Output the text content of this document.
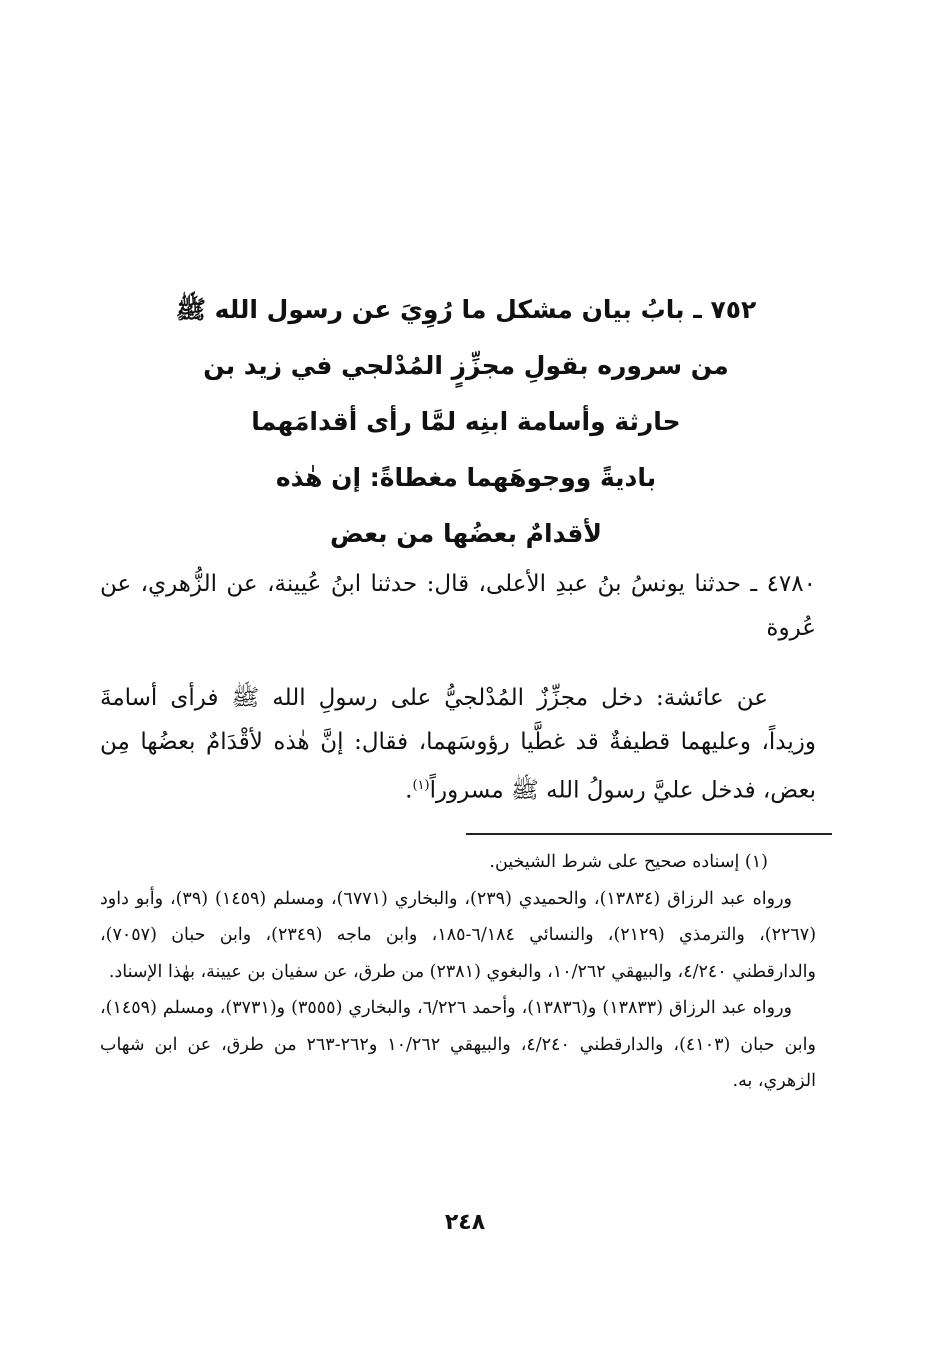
٧٥٢ ـ بابُ بيان مشكل ما رُوِيَ عن رسول الله ﷺ
من سروره بقولِ مجزِّزٍ المُدْلجي في زيد بن
حارثة وأسامة ابنِه لمَّا رأى أقدامَهما
باديةً ووجوهَهما مغطاةً: إن هٰذه
لأقدامٌ بعضُها من بعض
٤٧٨٠ ـ حدثنا يونسُ بنُ عبدِ الأعلى، قال: حدثنا ابنُ عُيينة، عن الزُّهري، عن عُروة
عن عائشة: دخل مجزِّزٌ المُدْلجيُّ على رسولِ الله ﷺ فرأى أسامةَ وزيداً، وعليهما قطيفةٌ قد غطَّيا رؤوسَهما، فقال: إنَّ هٰذه لأقْدَامٌ بعضُها مِن بعض، فدخل عليَّ رسولُ الله ﷺ مسروراً$^{(١)}$.

(١) إسناده صحيح على شرط الشيخين.

ورواه عبد الرزاق (١٣٨٣٤)، والحميدي (٢٣٩)، والبخاري (٦٧٧١)، ومسلم (١٤٥٩) (٣٩)، وأبو داود (٢٢٦٧)، والترمذي (٢١٢٩)، والنسائي ٦/١٨٤-١٨٥، وابن ماجه (٢٣٤٩)، وابن حبان (٧٠٥٧)، والدارقطني ٤/٢٤٠، والبيهقي ١٠/٢٦٢، والبغوي (٢٣٨١) من طرق، عن سفيان بن عيينة، بهٰذا الإسناد.

ورواه عبد الرزاق (١٣٨٣٣) و(١٣٨٣٦)، وأحمد ٦/٢٢٦، والبخاري (٣٥٥٥) و(٣٧٣١)، ومسلم (١٤٥٩)، وابن حبان (٤١٠٣)، والدارقطني ٤/٢٤٠، والبيهقي ١٠/٢٦٢ و٢٦٢-٢٦٣ من طرق، عن ابن شهاب الزهري، به.

٢٤٨
